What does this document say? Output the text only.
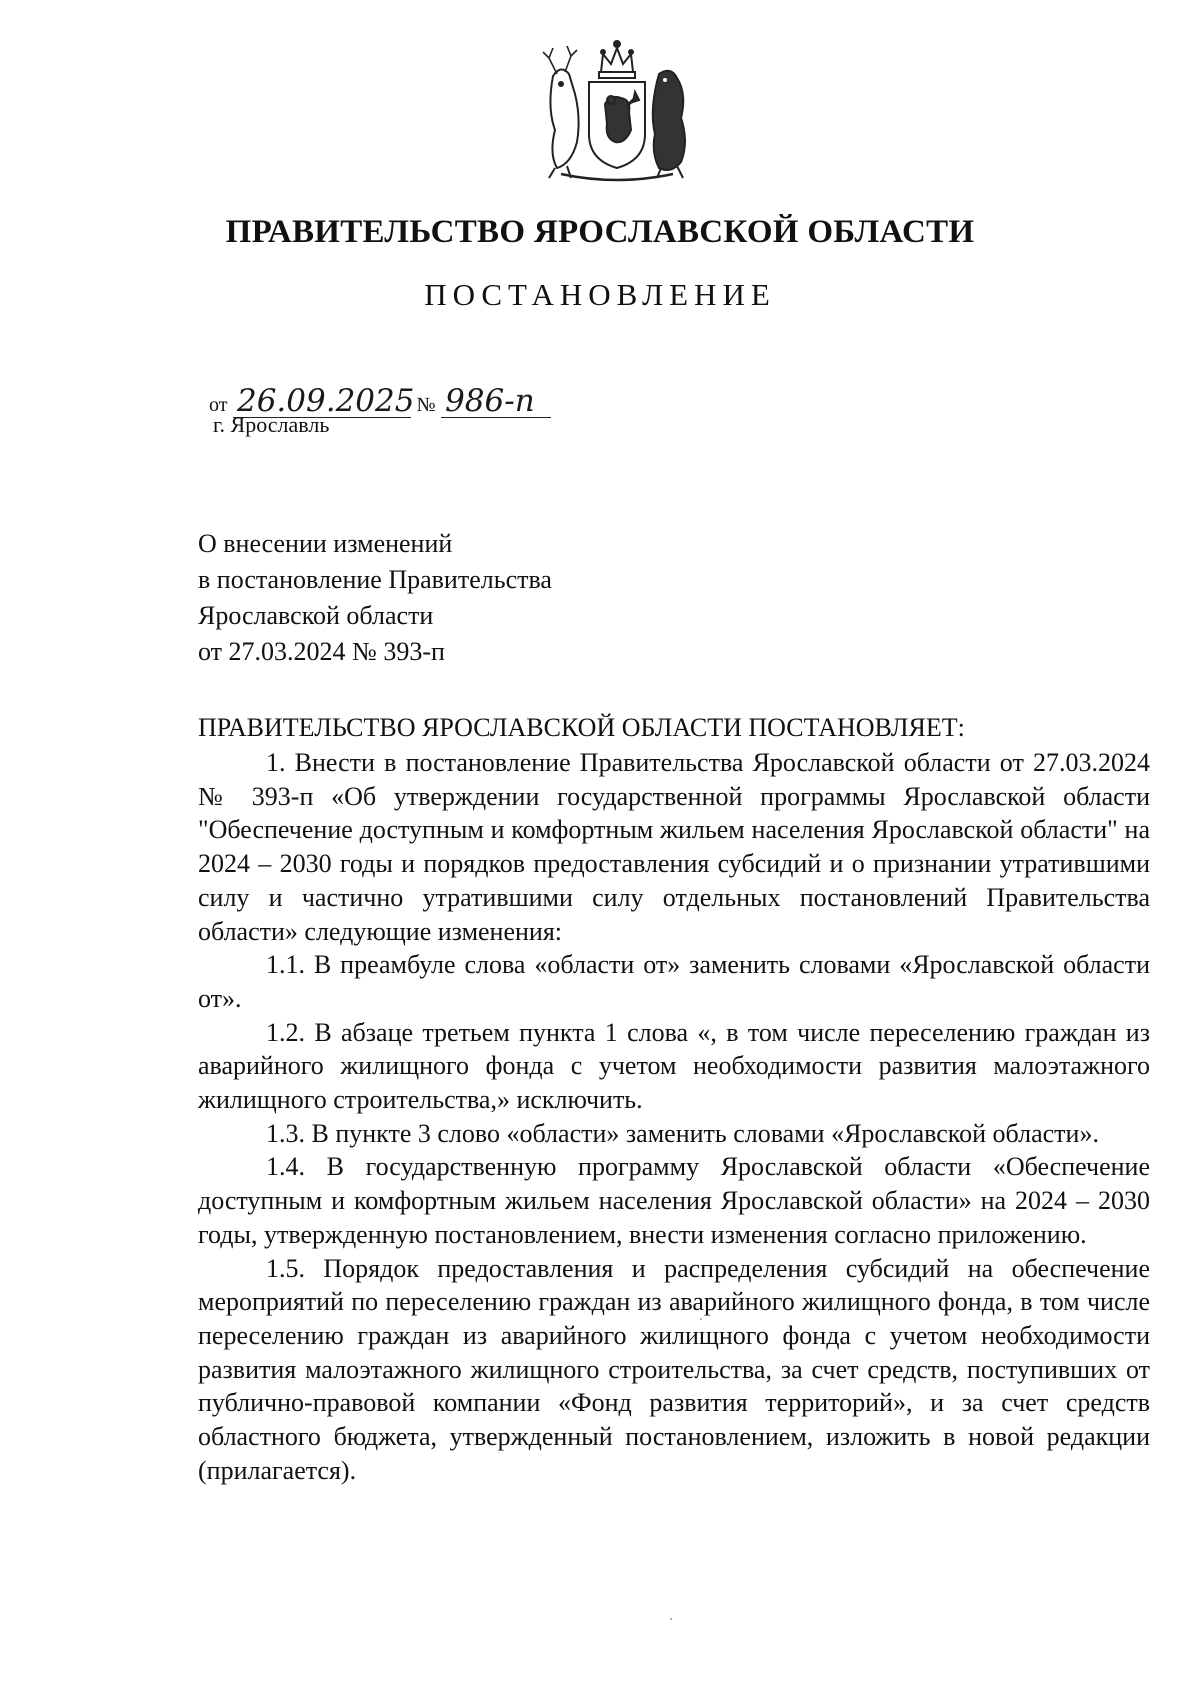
ПРАВИТЕЛЬСТВО ЯРОСЛАВСКОЙ ОБЛАСТИ
ПОСТАНОВЛЕНИЕ
от 26.09.2025 № 986-п
г. Ярославль
О внесении изменений
в постановление Правительства
Ярославской области
от 27.03.2024 № 393-п
ПРАВИТЕЛЬСТВО ЯРОСЛАВСКОЙ ОБЛАСТИ ПОСТАНОВЛЯЕТ:

1. Внести в постановление Правительства Ярославской области от 27.03.2024 № 393-п «Об утверждении государственной программы Ярославской области "Обеспечение доступным и комфортным жильем населения Ярославской области" на 2024 – 2030 годы и порядков предоставления субсидий и о признании утратившими силу и частично утратившими силу отдельных постановлений Правительства области» следующие изменения:

1.1. В преамбуле слова «области от» заменить словами «Ярославской области от».

1.2. В абзаце третьем пункта 1 слова «, в том числе переселению граждан из аварийного жилищного фонда с учетом необходимости развития малоэтажного жилищного строительства,» исключить.

1.3. В пункте 3 слово «области» заменить словами «Ярославской области».

1.4. В государственную программу Ярославской области «Обеспечение доступным и комфортным жильем населения Ярославской области» на 2024 – 2030 годы, утвержденную постановлением, внести изменения согласно приложению.

1.5. Порядок предоставления и распределения субсидий на обеспечение мероприятий по переселению граждан из аварийного жилищного фонда, в том числе переселению граждан из аварийного жилищного фонда с учетом необходимости развития малоэтажного жилищного строительства, за счет средств, поступивших от публично-правовой компании «Фонд развития территорий», и за счет средств областного бюджета, утвержденный постановлением, изложить в новой редакции (прилагается).
